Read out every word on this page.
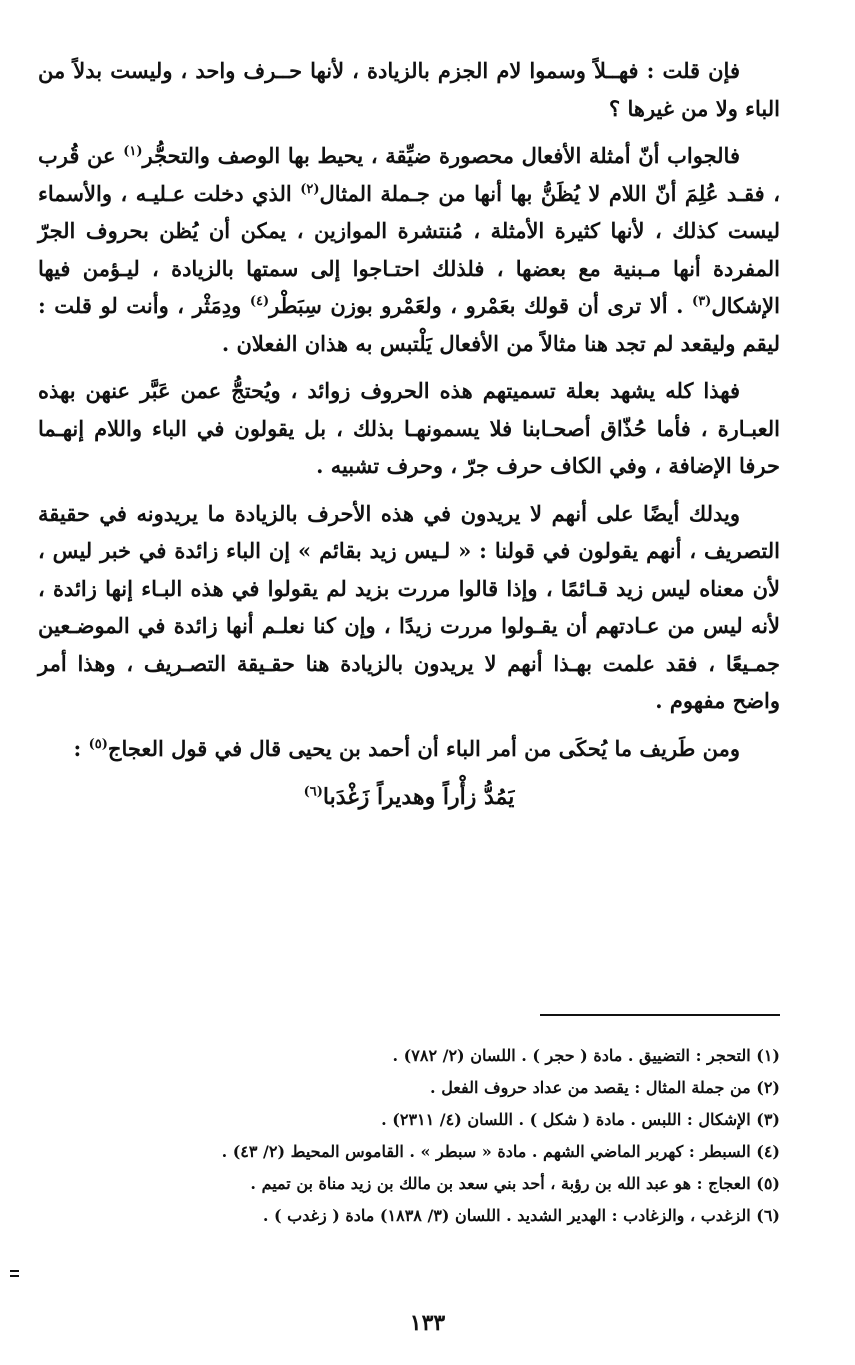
فإن قلت : فهــلاً وسموا لام الجزم بالزيادة ، لأنها حــرف واحد ، وليست بدلاً من الباء ولا من غيرها ؟

فالجواب أنّ أمثلة الأفعال محصورة ضيِّقة ، يحيط بها الوصف والتحجُّر$^{(١)}$ عن قُرب ، فقـد عُلِمَ أنّ اللام لا يُظَنُّ بها أنها من جـملة المثال$^{(٢)}$ الذي دخلت عـليـه ، والأسماء ليست كذلك ، لأنها كثيرة الأمثلة ، مُنتشرة الموازين ، يمكن أن يُظن بحروف الجرّ المفردة أنها مـبنية مع بعضها ، فلذلك احتـاجوا إلى سمتها بالزيادة ، ليـؤمن فيها الإشكال$^{(٣)}$ . ألا ترى أن قولك بعَمْرو ، ولعَمْرو بوزن سِبَطْر$^{(٤)}$ ودِمَثْر ، وأنت لو قلت : ليقم وليقعد لم تجد هنا مثالاً من الأفعال يَلْتبس به هذان الفعلان .

فهذا كله يشهد بعلة تسميتهم هذه الحروف زوائد ، ويُحتجُّ عمن عَبَّر عنهن بهذه العبـارة ، فأما حُذّاق أصحـابنا فلا يسمونهـا بذلك ، بل يقولون في الباء واللام إنهـما حرفا الإضافة ، وفي الكاف حرف جرّ ، وحرف تشبيه .

ويدلك أيضًا على أنهم لا يريدون في هذه الأحرف بالزيادة ما يريدونه في حقيقة التصريف ، أنهم يقولون في قولنا : « لـيس زيد بقائم » إن الباء زائدة في خبر ليس ، لأن معناه ليس زيد قـائمًا ، وإذا قالوا مررت بزيد لم يقولوا في هذه البـاء إنها زائدة ، لأنه ليس من عـادتهم أن يقـولوا مررت زيدًا ، وإن كنا نعلـم أنها زائدة في الموضـعين جمـيعًا ، فقد علمت بهـذا أنهم لا يريدون بالزيادة هنا حقـيقة التصـريف ، وهذا أمر واضح مفهوم .

ومن طَريف ما يُحكَى من أمر الباء أن أحمد بن يحيى قال في قول العجاج$^{(٥)}$ :

يَمُدُّ زأْراً وهديراً زَغْدَبا$^{(٦)}$

(١) التحجر : التضييق . مادة ( حجر ) . اللسان (٢/ ٧٨٢) .

(٢) من جملة المثال : يقصد من عداد حروف الفعل .

(٣) الإشكال : اللبس . مادة ( شكل ) . اللسان (٤/ ٢٣١١) .

(٤) السبطر : كهربر الماضي الشهم . مادة « سبطر » . القاموس المحيط (٢/ ٤٣) .

(٥) العجاج : هو عبد الله بن رؤبة ، أحد بني سعد بن مالك بن زيد مناة بن تميم .

(٦) الزغدب ، والزغادب : الهدير الشديد . اللسان (٣/ ١٨٣٨) مادة ( زغدب ) .

١٣٣
